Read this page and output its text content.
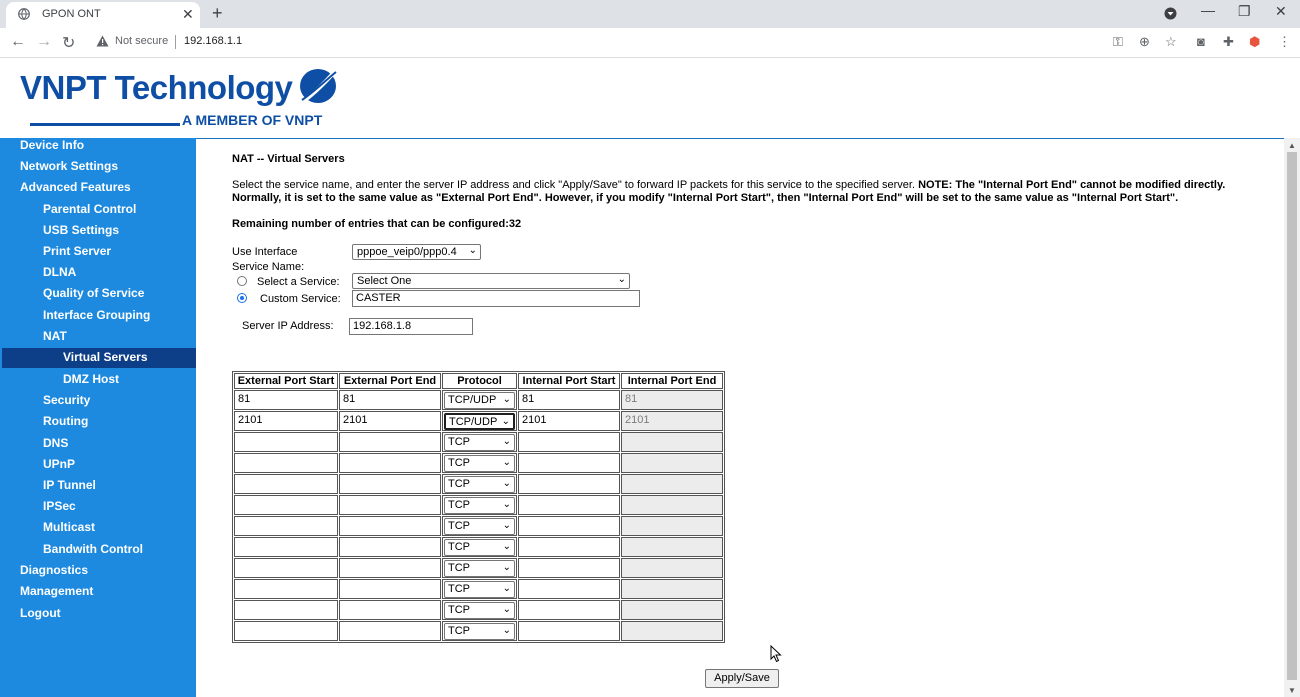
GPON ONT	✕ +	— ❐ ✕
← → ↻	Not secure 192.168.1.1	⚿ ⊕ ☆ ◙ ✚ ⬢ ⋮
VNPT Technology
A MEMBER OF VNPT
Device Info
Network Settings
Advanced Features
Parental Control
USB Settings
Print Server
DLNA
Quality of Service
Interface Grouping
NAT
Virtual Servers
DMZ Host
Security
Routing
DNS
UPnP
IP Tunnel
IPSec
Multicast
Bandwith Control
Diagnostics
Management
Logout
NAT -- Virtual Servers
Select the service name, and enter the server IP address and click "Apply/Save" to forward IP packets for this service to the specified server. NOTE: The "Internal Port End" cannot be modified directly. Normally, it is set to the same value as "External Port End". However, if you modify "Internal Port Start", then "Internal Port End" will be set to the same value as "Internal Port Start".
Remaining number of entries that can be configured:32
Use Interface	pppoe_veip0/ppp0.4 ⌄
Service Name:
Select a Service:	Select One	⌄
Custom Service:	CASTER
Server IP Address:	192.168.1.8
External Port Start	External Port End	Protocol	Internal Port Start	Internal Port End

81	81	TCP/UDP ⌄	81	81

2101	2101	TCP/UDP ⌄	2101	2101

		TCP ⌄		

		TCP ⌄		

		TCP ⌄		

		TCP ⌄		

		TCP ⌄		

		TCP ⌄		

		TCP ⌄		

		TCP ⌄		

		TCP ⌄		

		TCP ⌄		

Apply/Save
▲
▼
